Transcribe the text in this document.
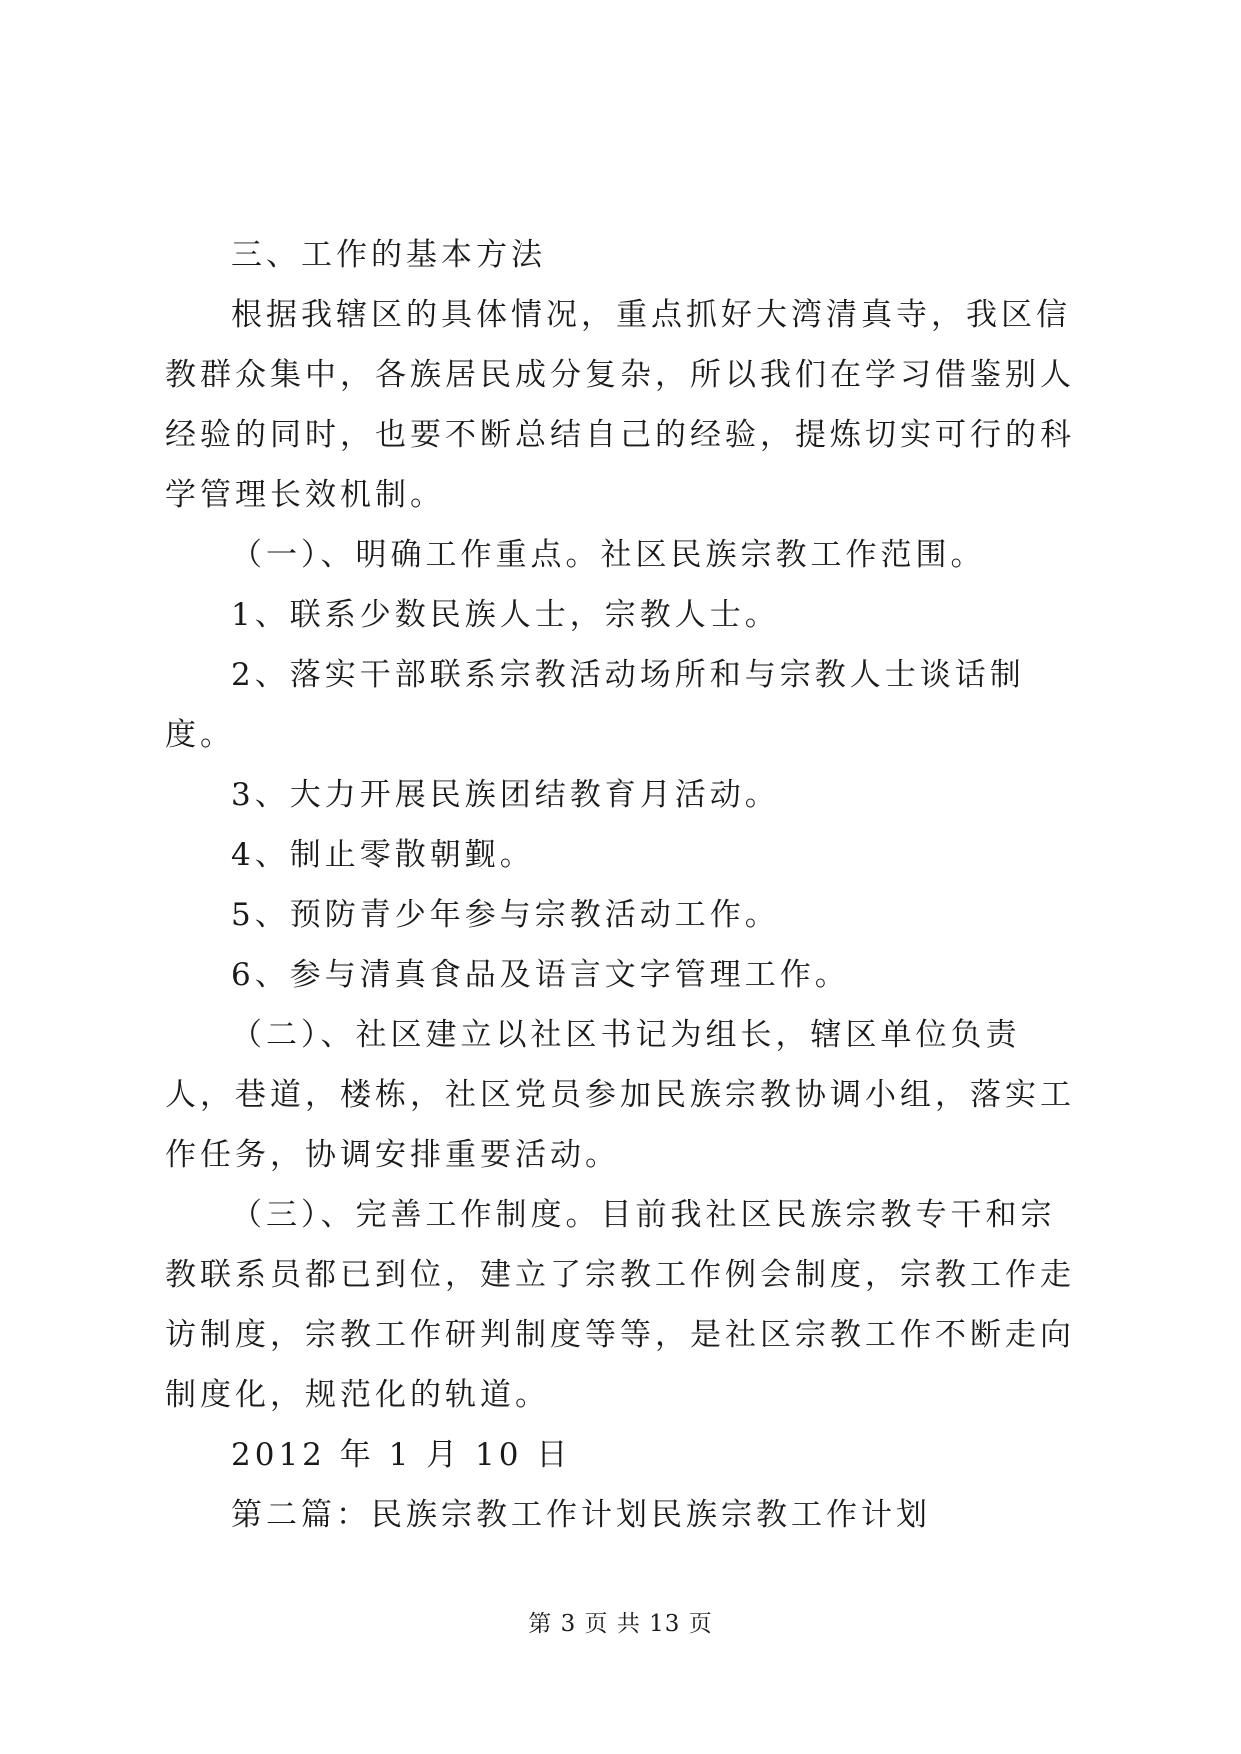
三、工作的基本方法

根据我辖区的具体情况，重点抓好大湾清真寺，我区信教群众集中，各族居民成分复杂，所以我们在学习借鉴别人经验的同时，也要不断总结自己的经验，提炼切实可行的科学管理长效机制。

（一）、明确工作重点。社区民族宗教工作范围。

1、联系少数民族人士，宗教人士。

2、落实干部联系宗教活动场所和与宗教人士谈话制度。

3、大力开展民族团结教育月活动。

4、制止零散朝觐。

5、预防青少年参与宗教活动工作。

6、参与清真食品及语言文字管理工作。

（二）、社区建立以社区书记为组长，辖区单位负责人，巷道，楼栋，社区党员参加民族宗教协调小组，落实工作任务，协调安排重要活动。

（三）、完善工作制度。目前我社区民族宗教专干和宗教联系员都已到位，建立了宗教工作例会制度，宗教工作走访制度，宗教工作研判制度等等，是社区宗教工作不断走向制度化，规范化的轨道。

2012 年 1 月 10 日

第二篇：民族宗教工作计划民族宗教工作计划

第 3 页 共 13 页
